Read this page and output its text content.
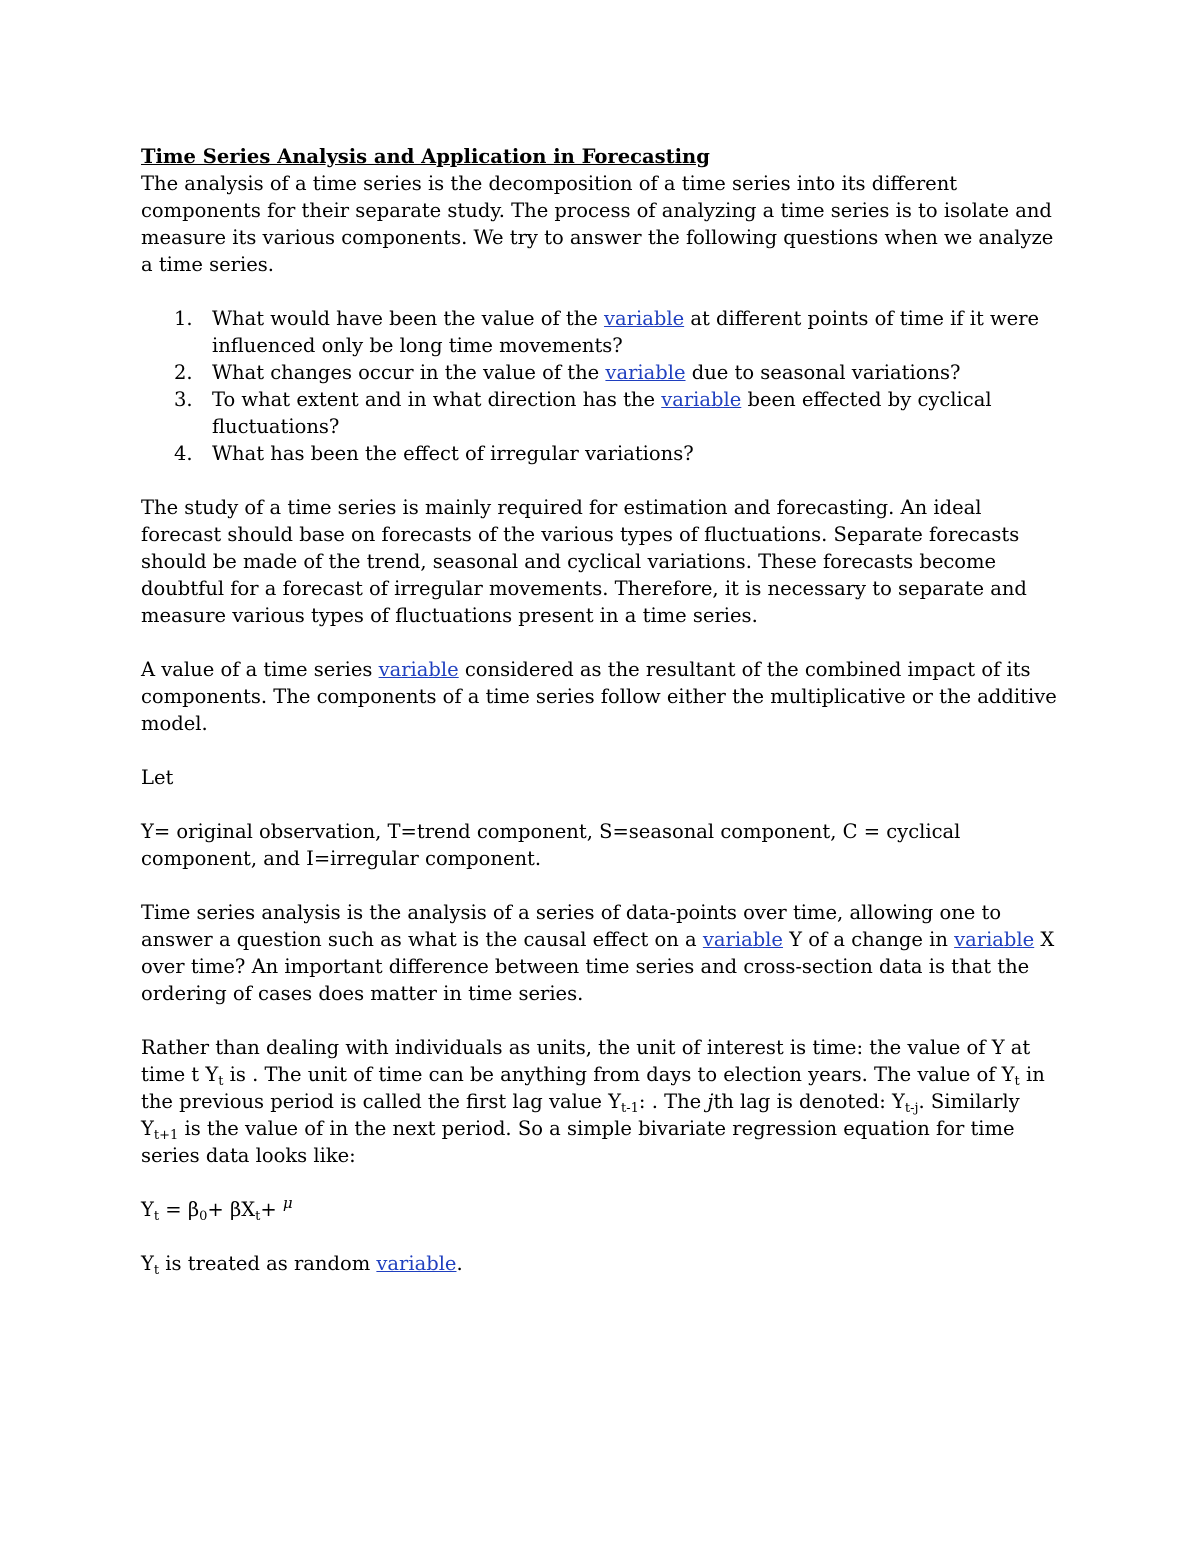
Time Series Analysis and Application in Forecasting

The analysis of a time series is the decomposition of a time series into its different components for their separate study. The process of analyzing a time series is to isolate and measure its various components. We try to answer the following questions when we analyze a time series.

1. What would have been the value of the variable at different points of time if it were influenced only be long time movements?
2. What changes occur in the value of the variable due to seasonal variations?
3. To what extent and in what direction has the variable been effected by cyclical fluctuations?
4. What has been the effect of irregular variations?

The study of a time series is mainly required for estimation and forecasting. An ideal forecast should base on forecasts of the various types of fluctuations. Separate forecasts should be made of the trend, seasonal and cyclical variations. These forecasts become doubtful for a forecast of irregular movements. Therefore, it is necessary to separate and measure various types of fluctuations present in a time series.

A value of a time series variable considered as the resultant of the combined impact of its components. The components of a time series follow either the multiplicative or the additive model.

Let

Y= original observation, T=trend component, S=seasonal component, C = cyclical component, and I=irregular component.

Time series analysis is the analysis of a series of data-points over time, allowing one to answer a question such as what is the causal effect on a variable Y of a change in variable X over time? An important difference between time series and cross-section data is that the ordering of cases does matter in time series.

Rather than dealing with individuals as units, the unit of interest is time: the value of Y at time t $Y_t$ is . The unit of time can be anything from days to election years. The value of $Y_t$ in the previous period is called the first lag value $Y_{t-1}$: . The jth lag is denoted: $Y_{t-j}$. Similarly $Y_{t+1}$ is the value of in the next period. So a simple bivariate regression equation for time series data looks like:

$Y_t = \beta_0+ \beta X_t+ ^\mu$

$Y_t$ is treated as random variable.
